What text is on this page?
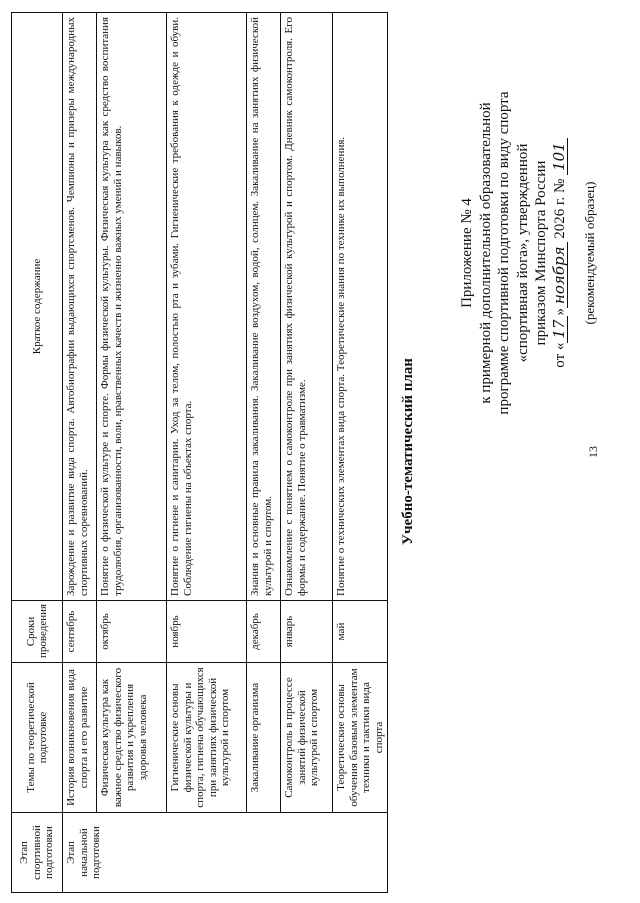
13
Приложение № 4 к примерной дополнительной образовательной программе спортивной подготовки по виду спорта «спортивная йога», утвержденной приказом Минспорта России
от «17»ноября 2026 г. № 101
(рекомендуемый образец)
Учебно-тематический план
Этап спортивной подготовки	Темы по теоретической подготовке	Сроки проведения	Краткое содержание
Этап начальной подготовки	История возникновения вида спорта и его развитие	сентябрь	Зарождение и развитие вида спорта. Автобиографии выдающихся спортсменов. Чемпионы и призеры международных спортивных соревнований.
	Физическая культура как важное средство физического развития и укрепления здоровья человека	октябрь	Понятие о физической культуре и спорте. Формы физической культуры. Физическая культура как средство воспитания трудолюбия, организованности, воли, нравственных качеств и жизненно важных умений и навыков.
	Гигиенические основы физической культуры и спорта, гигиена обучающихся при занятиях физической культурой и спортом	ноябрь	Понятие о гигиене и санитарии. Уход за телом, полостью рта и зубами. Гигиенические требования к одежде и обуви. Соблюдение гигиены на объектах спорта.
	Закаливание организма	декабрь	Знания и основные правила закаливания. Закаливание воздухом, водой, солнцем. Закаливание на занятиях физической культурой и спортом.
	Самоконтроль в процессе занятий физической культурой и спортом	январь	Ознакомление с понятием о самоконтроле при занятиях физической культурой и спортом. Дневник самоконтроля. Его формы и содержание. Понятие о травматизме.
	Теоретические основы обучения базовым элементам техники и тактики вида спорта	май	Понятие о технических элементах вида спорта. Теоретические знания по технике их выполнения.
